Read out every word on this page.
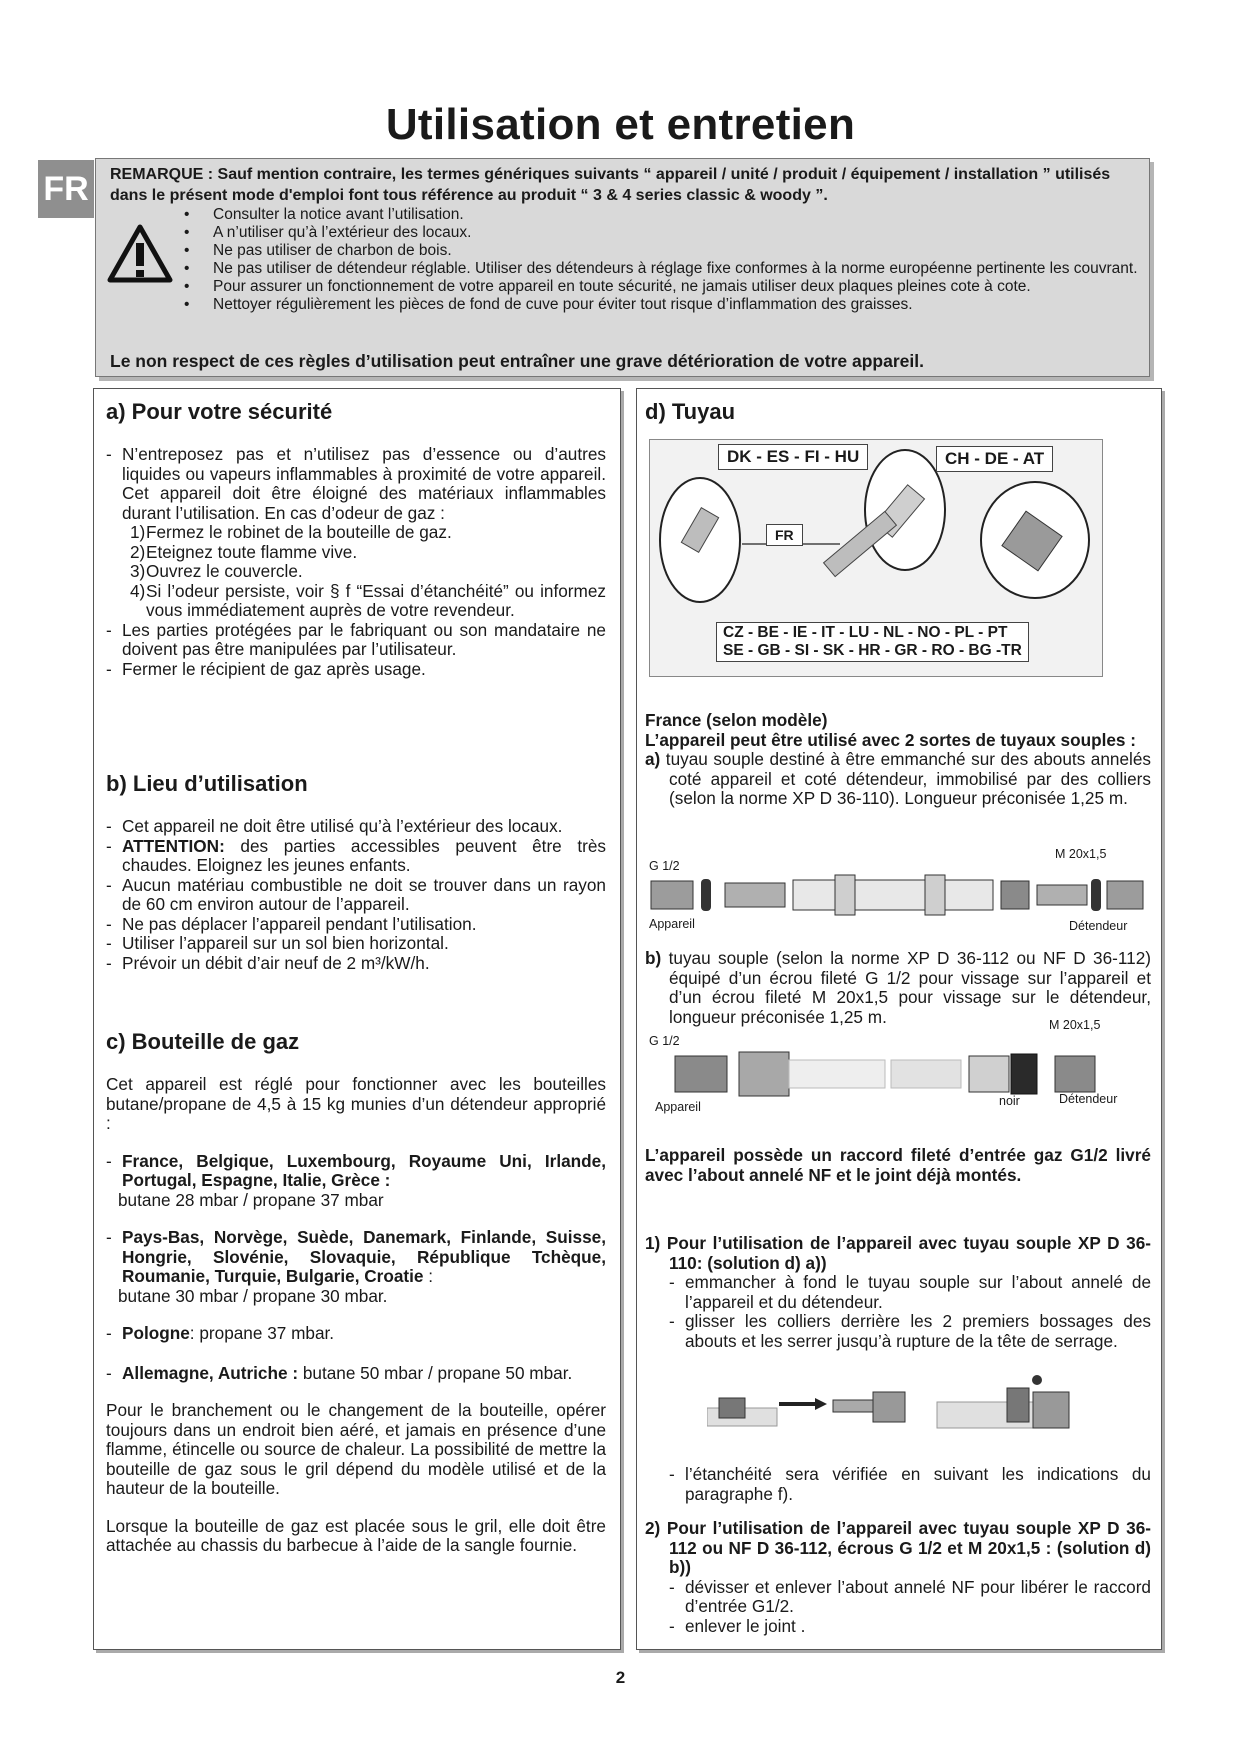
Utilisation et entretien
FR	REMARQUE : Sauf mention contraire, les termes génériques suivants “ appareil / unité / produit / équipement / installation ” utilisés dans le présent mode d'emploi font tous référence au produit “ 3 & 4 series classic & woody ”.
• Consulter la notice avant l’utilisation.
• A n’utiliser qu’à l’extérieur des locaux.
• Ne pas utiliser de charbon de bois.
• Ne pas utiliser de détendeur réglable. Utiliser des détendeurs à réglage fixe conformes à la norme européenne pertinente les couvrant.
• Pour assurer un fonctionnement de votre appareil en toute sécurité, ne jamais utiliser deux plaques pleines cote à cote.
• Nettoyer régulièrement les pièces de fond de cuve pour éviter tout risque d’inflammation des graisses.
Le non respect de ces règles d’utilisation peut entraîner une grave détérioration de votre appareil.
a) Pour votre sécurité

- N’entreposez pas et n’utilisez pas d’essence ou d’autres liquides ou vapeurs inflammables à proximité de votre appareil. Cet appareil doit être éloigné des matériaux inflammables durant l’utilisation. En cas d’odeur de gaz :

1) Fermez le robinet de la bouteille de gaz.

2) Eteignez toute flamme vive.

3) Ouvrez le couvercle.

4) Si l’odeur persiste, voir § f “Essai d’étanchéité” ou informez vous immédiatement auprès de votre revendeur.

- Les parties protégées par le fabriquant ou son mandataire ne doivent pas être manipulées par l’utilisateur.

- Fermer le récipient de gaz après usage.

b) Lieu d’utilisation

- Cet appareil ne doit être utilisé qu’à l’extérieur des locaux.

- ATTENTION: des parties accessibles peuvent être très chaudes. Eloignez les jeunes enfants.

- Aucun matériau combustible ne doit se trouver dans un rayon de 60 cm environ autour de l’appareil.

- Ne pas déplacer l’appareil pendant l’utilisation.

- Utiliser l’appareil sur un sol bien horizontal.

- Prévoir un débit d’air neuf de 2 m³/kW/h.

c) Bouteille de gaz

Cet appareil est réglé pour fonctionner avec les bouteilles butane/propane de 4,5 à 15 kg munies d’un détendeur approprié :

- France, Belgique, Luxembourg, Royaume Uni, Irlande, Portugal, Espagne, Italie, Grèce :

butane 28 mbar / propane 37 mbar

- Pays-Bas, Norvège, Suède, Danemark, Finlande, Suisse, Hongrie, Slovénie, Slovaquie, République Tchèque, Roumanie, Turquie, Bulgarie, Croatie :

butane 30 mbar / propane 30 mbar.

- Pologne: propane 37 mbar.

- Allemagne, Autriche : butane 50 mbar / propane 50 mbar.

Pour le branchement ou le changement de la bouteille, opérer toujours dans un endroit bien aéré, et jamais en présence d’une flamme, étincelle ou source de chaleur. La possibilité de mettre la bouteille de gaz sous le gril dépend du modèle utilisé et de la hauteur de la bouteille.

Lorsque la bouteille de gaz est placée sous le gril, elle doit être attachée au chassis du barbecue à l’aide de la sangle fournie.

d) Tuyau
DK - ES - FI - HU	CH - DE - AT
FR
CZ - BE - IE - IT - LU - NL - NO - PL - PT
SE - GB - SI - SK - HR - GR - RO - BG -TR

France (selon modèle)

L’appareil peut être utilisé avec 2 sortes de tuyaux souples :

a) tuyau souple destiné à être emmanché sur des abouts annelés coté appareil et coté détendeur, immobilisé par des colliers (selon la norme XP D 36-110). Longueur préconisée 1,25 m.

G 1/2
M 20x1,5
Appareil	Détendeur

b) tuyau souple (selon la norme XP D 36-112 ou NF D 36-112) équipé d’un écrou fileté G 1/2 pour vissage sur l’appareil et d’un écrou fileté M 20x1,5 pour vissage sur le détendeur, longueur préconisée 1,25 m.

G 1/2
M 20x1,5
Appareil	noir	Détendeur

L’appareil possède un raccord fileté d’entrée gaz G1/2 livré avec l’about annelé NF et le joint déjà montés.

1) Pour l’utilisation de l’appareil avec tuyau souple XP D 36-110: (solution d) a))

- emmancher à fond le tuyau souple sur l’about annelé de l’appareil et du détendeur.

- glisser les colliers derrière les 2 premiers bossages des abouts et les serrer jusqu’à rupture de la tête de serrage.

- l’étanchéité sera vérifiée en suivant les indications du paragraphe f).

2) Pour l’utilisation de l’appareil avec tuyau souple XP D 36-112 ou NF D 36-112, écrous G 1/2 et M 20x1,5 : (solution d) b))

- dévisser et enlever l’about annelé NF pour libérer le raccord d’entrée G1/2.

- enlever le joint .

2
